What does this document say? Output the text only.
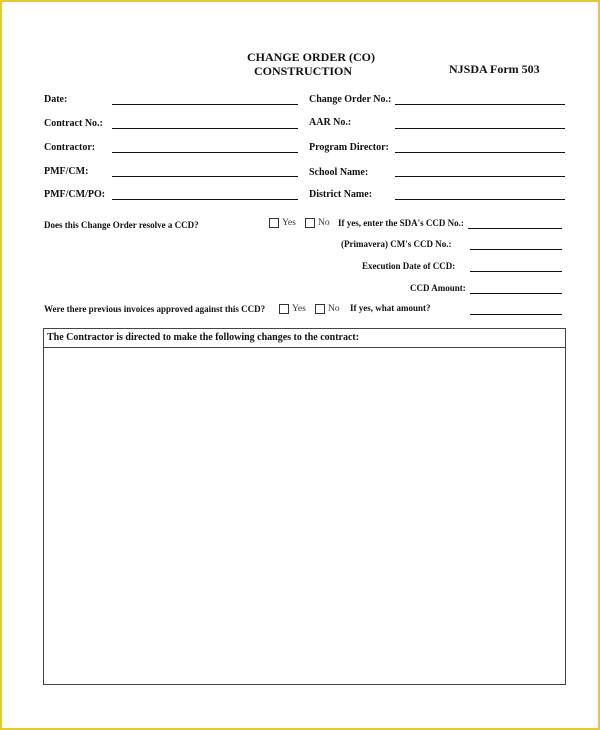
CHANGE ORDER (CO)
CONSTRUCTION	NJSDA Form 503
Date:	Change Order No.:
Contract No.:	AAR No.:
Contractor:	Program Director:
PMF/CM:	School Name:
PMF/CM/PO:	District Name:
Does this Change Order resolve a CCD?	Yes No If yes, enter the SDA's CCD No.:
(Primavera) CM's CCD No.:
Execution Date of CCD:
CCD Amount:
Were there previous invoices approved against this CCD?	Yes No If yes, what amount?
The Contractor is directed to make the following changes to the contract:
